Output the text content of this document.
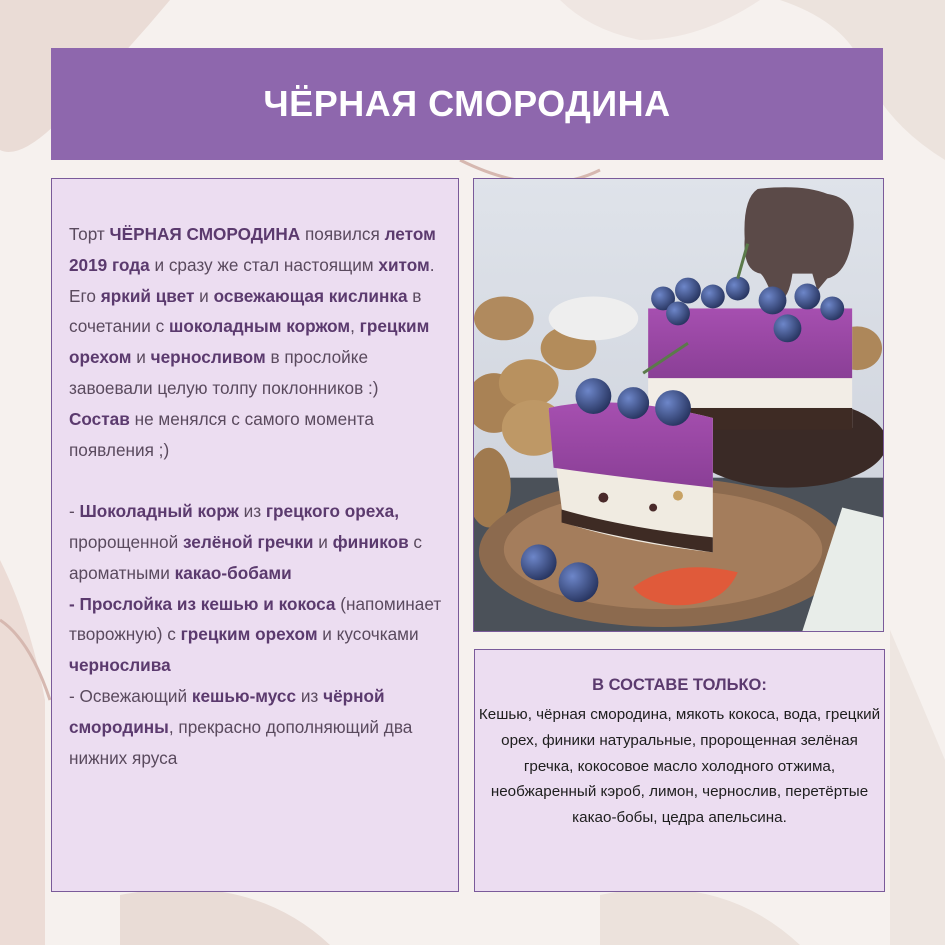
ЧЁРНАЯ СМОРОДИНА

Торт ЧЁРНАЯ СМОРОДИНА появился летом 2019 года и сразу же стал настоящим хитом. Его яркий цвет и освежающая кислинка в сочетании с шоколадным коржом, грецким орехом и черносливом в прослойке завоевали целую толпу поклонников :)

Состав не менялся с самого момента появления ;)

- Шоколадный корж из грецкого ореха, пророщенной зелёной гречки и фиников с ароматными какао-бобами

- Прослойка из кешью и кокоса (напоминает творожную) с грецким орехом и кусочками чернослива

- Освежающий кешью-мусс из чёрной смородины, прекрасно дополняющий два нижних яруса

В СОСТАВЕ ТОЛЬКО:
Кешью, чёрная смородина, мякоть кокоса, вода, грецкий орех, финики натуральные, пророщенная зелёная гречка, кокосовое масло холодного отжима, необжаренный кэроб, лимон, чернослив, перетёртые какао-бобы, цедра апельсина.
